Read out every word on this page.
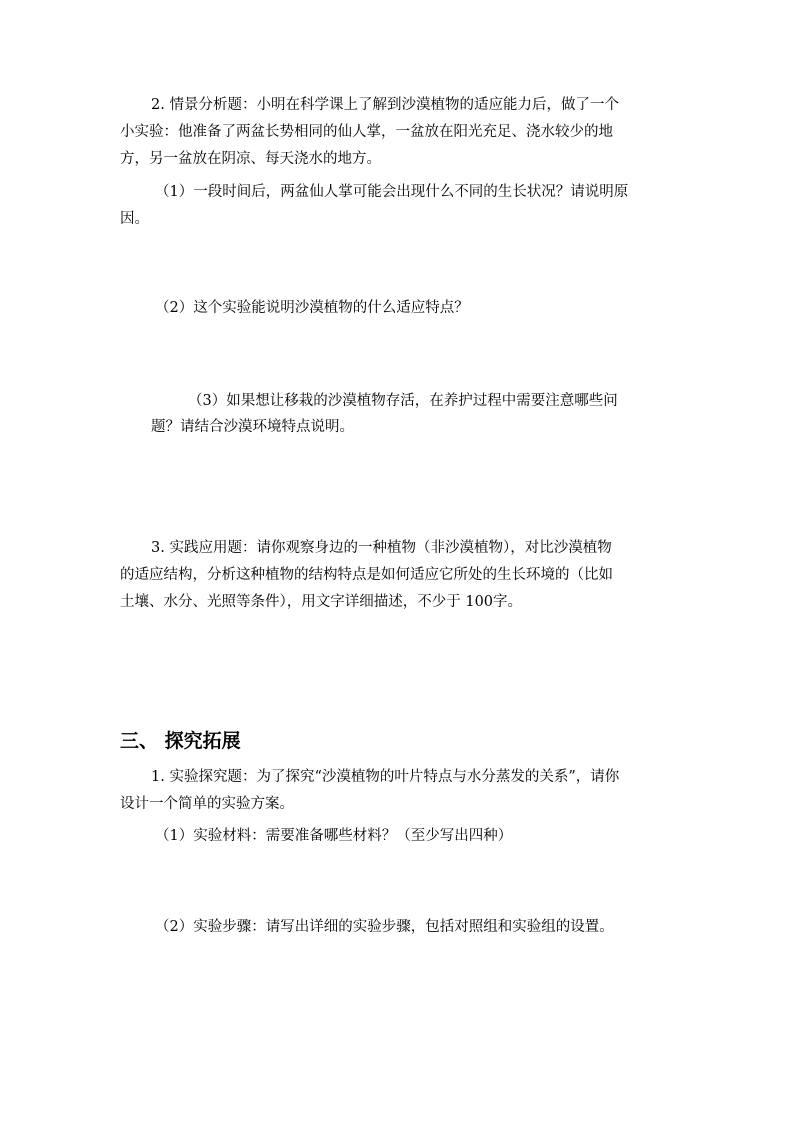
2. 情景分析题：小明在科学课上了解到沙漠植物的适应能力后，做了一个
小实验：他准备了两盆长势相同的仙人掌，一盆放在阳光充足、浇水较少的地
方，另一盆放在阴凉、每天浇水的地方。
（1）一段时间后，两盆仙人掌可能会出现什么不同的生长状况？请说明原
因。
（2）这个实验能说明沙漠植物的什么适应特点？
（3）如果想让移栽的沙漠植物存活，在养护过程中需要注意哪些问
题？请结合沙漠环境特点说明。
3. 实践应用题：请你观察身边的一种植物（非沙漠植物），对比沙漠植物
的适应结构，分析这种植物的结构特点是如何适应它所处的生长环境的（比如
土壤、水分、光照等条件），用文字详细描述，不少于 100字。
三、 探究拓展
1. 实验探究题：为了探究“沙漠植物的叶片特点与水分蒸发的关系”，请你
设计一个简单的实验方案。
（1）实验材料：需要准备哪些材料？（至少写出四种）
（2）实验步骤：请写出详细的实验步骤，包括对照组和实验组的设置。
